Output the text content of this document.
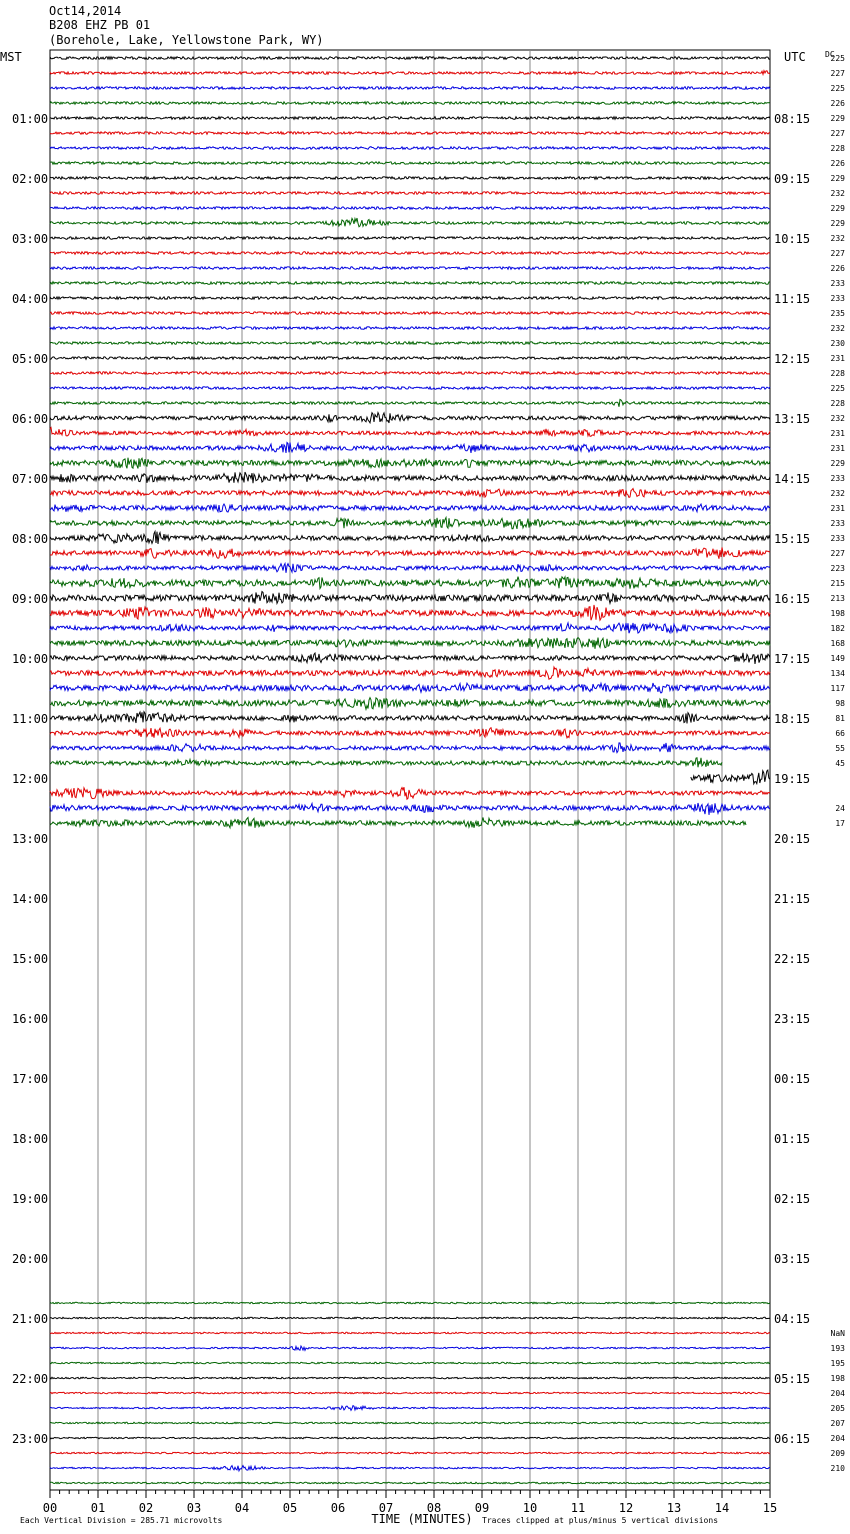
Oct14,2014
B208 EHZ PB 01
(Borehole, Lake, Yellowstone Park, WY)
225
227
225
226
229
227
228
226
229
232
229
229
232
227
226
233
233
235
232
230
231
228
225
228
232
231
231
229
233
232
231
233
233
227
223
215
213
198
182
168
149
134
117
98
81
66
55
45
24
17
NaN
193
195
198
204
205
207
204
209
210
MST	UTC DC
01:00
02:00
03:00
04:00
05:00
06:00
07:00
08:00
09:00
10:00
11:00
12:00
13:00
14:00
15:00
16:00
17:00
18:00
19:00
20:00
21:00
22:00
23:00
08:15
09:15
10:15
11:15
12:15
13:15
14:15
15:15
16:15
17:15
18:15
19:15
20:15
21:15
22:15
23:15
00:15
01:15
02:15
03:15
04:15
05:15
06:15
00	01	02	03	04	05	06	07	08	09	10	11	12	13	14	15
Each Vertical Division = 285.71 microvolts	TIME (MINUTES) Traces clipped at plus/minus 5 vertical divisions
